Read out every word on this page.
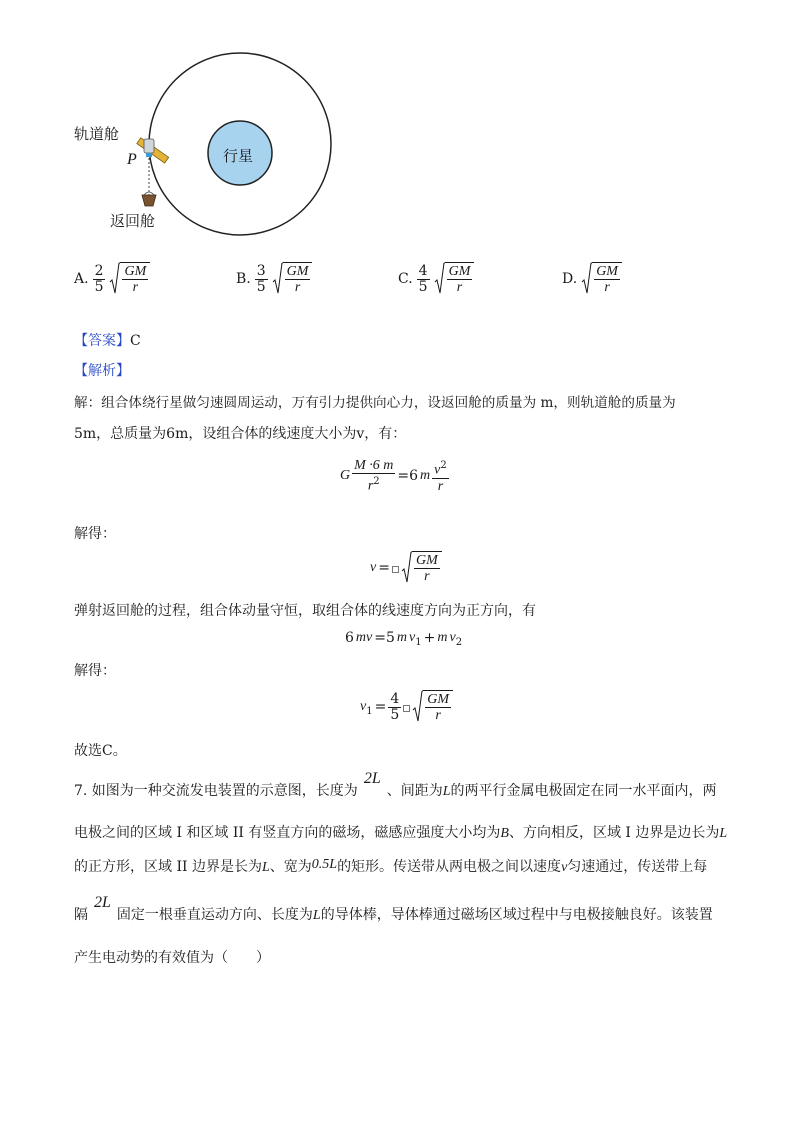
轨道舱
P
返回舱
行星
A. $\frac{2}{5} \frac{GM}{r}$	B. $\frac{3}{5} \frac{GM}{r}$	C. $\frac{4}{5} \frac{GM}{r}$	D. $\frac{GM}{r}$
【答案】C
【解析】
解：组合体绕行星做匀速圆周运动，万有引力提供向心力，设返回舱的质量为 m，则轨道舱的质量为
5m，总质量为6m，设组合体的线速度大小为v，有：
G $\frac{M \cdot 6 m}{r^2} =6$ m $\frac{v^2}{r}$
解得：
$v = \frac{GM}{r}$
弹射返回舱的过程，组合体动量守恒，取组合体的线速度方向为正方向，有
6 mv =5 m $v_1 + m$ $v_2$
解得：
$v_1 = \frac{4}{5} \frac{GM}{r}$
故选C。
7. 如图为一种交流发电装置的示意图，长度为2L、间距为L的两平行金属电极固定在同一水平面内，两
电极之间的区域 I 和区域 II 有竖直方向的磁场，磁感应强度大小均为B、方向相反，区域 I 边界是边长为L
的正方形，区域 II 边界是长为L、宽为0.5L的矩形。传送带从两电极之间以速度v匀速通过，传送带上每
隔2L固定一根垂直运动方向、长度为L的导体棒，导体棒通过磁场区域过程中与电极接触良好。该装置
产生电动势的有效值为（　　）
